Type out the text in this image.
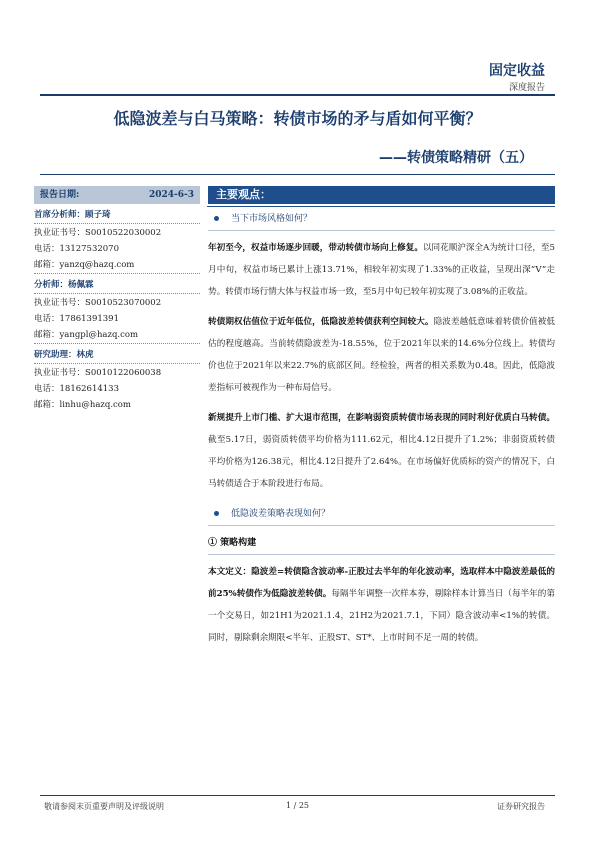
固定收益
深度报告
低隐波差与白马策略：转债市场的矛与盾如何平衡？
——转债策略精研（五）
报告日期:	2024-6-3
首席分析师：顾子琦
执业证书号：S0010522030002
电话：13127532070
邮箱：yanzq@hazq.com
分析师：杨佩霖
执业证书号：S0010523070002
电话：17861391391
邮箱：yangpl@hazq.com
研究助理：林虎
执业证书号：S0010122060038
电话：18162614133
邮箱：linhu@hazq.com
主要观点：
当下市场风格如何？
年初至今，权益市场逐步回暖，带动转债市场向上修复。以同花顺沪深全A为统计口径，至5月中旬，权益市场已累计上涨13.71%，相较年初实现了1.33%的正收益，呈现出深”V”走势。转债市场行情大体与权益市场一致，至5月中旬已较年初实现了3.08%的正收益。
转债期权估值位于近年低位，低隐波差转债获利空间较大。隐波差越低意味着转债价值被低估的程度越高。当前转债隐波差为-18.55%，位于2021年以来的14.6%分位线上。转债均价也位于2021年以来22.7%的底部区间。经检验，两者的相关系数为0.48。因此，低隐波差指标可被视作为一种布局信号。
新规提升上市门槛、扩大退市范围，在影响弱资质转债市场表现的同时利好优质白马转债。截至5.17日，弱资质转债平均价格为111.62元，相比4.12日提升了1.2%；非弱资质转债平均价格为126.38元，相比4.12日提升了2.64%。在市场偏好优质标的资产的情况下，白马转债适合于本阶段进行布局。
低隐波差策略表现如何？
① 策略构建
本文定义：隐波差=转债隐含波动率-正股过去半年的年化波动率，选取样本中隐波差最低的前25%转债作为低隐波差转债。每隔半年调整一次样本券，剔除样本计算当日（每半年的第一个交易日，如21H1为2021.1.4，21H2为2021.7.1，下同）隐含波动率<1%的转债。同时，剔除剩余期限<半年、正股ST、ST*、上市时间不足一周的转债。
敬请参阅末页重要声明及评级说明	1 / 25	证券研究报告
